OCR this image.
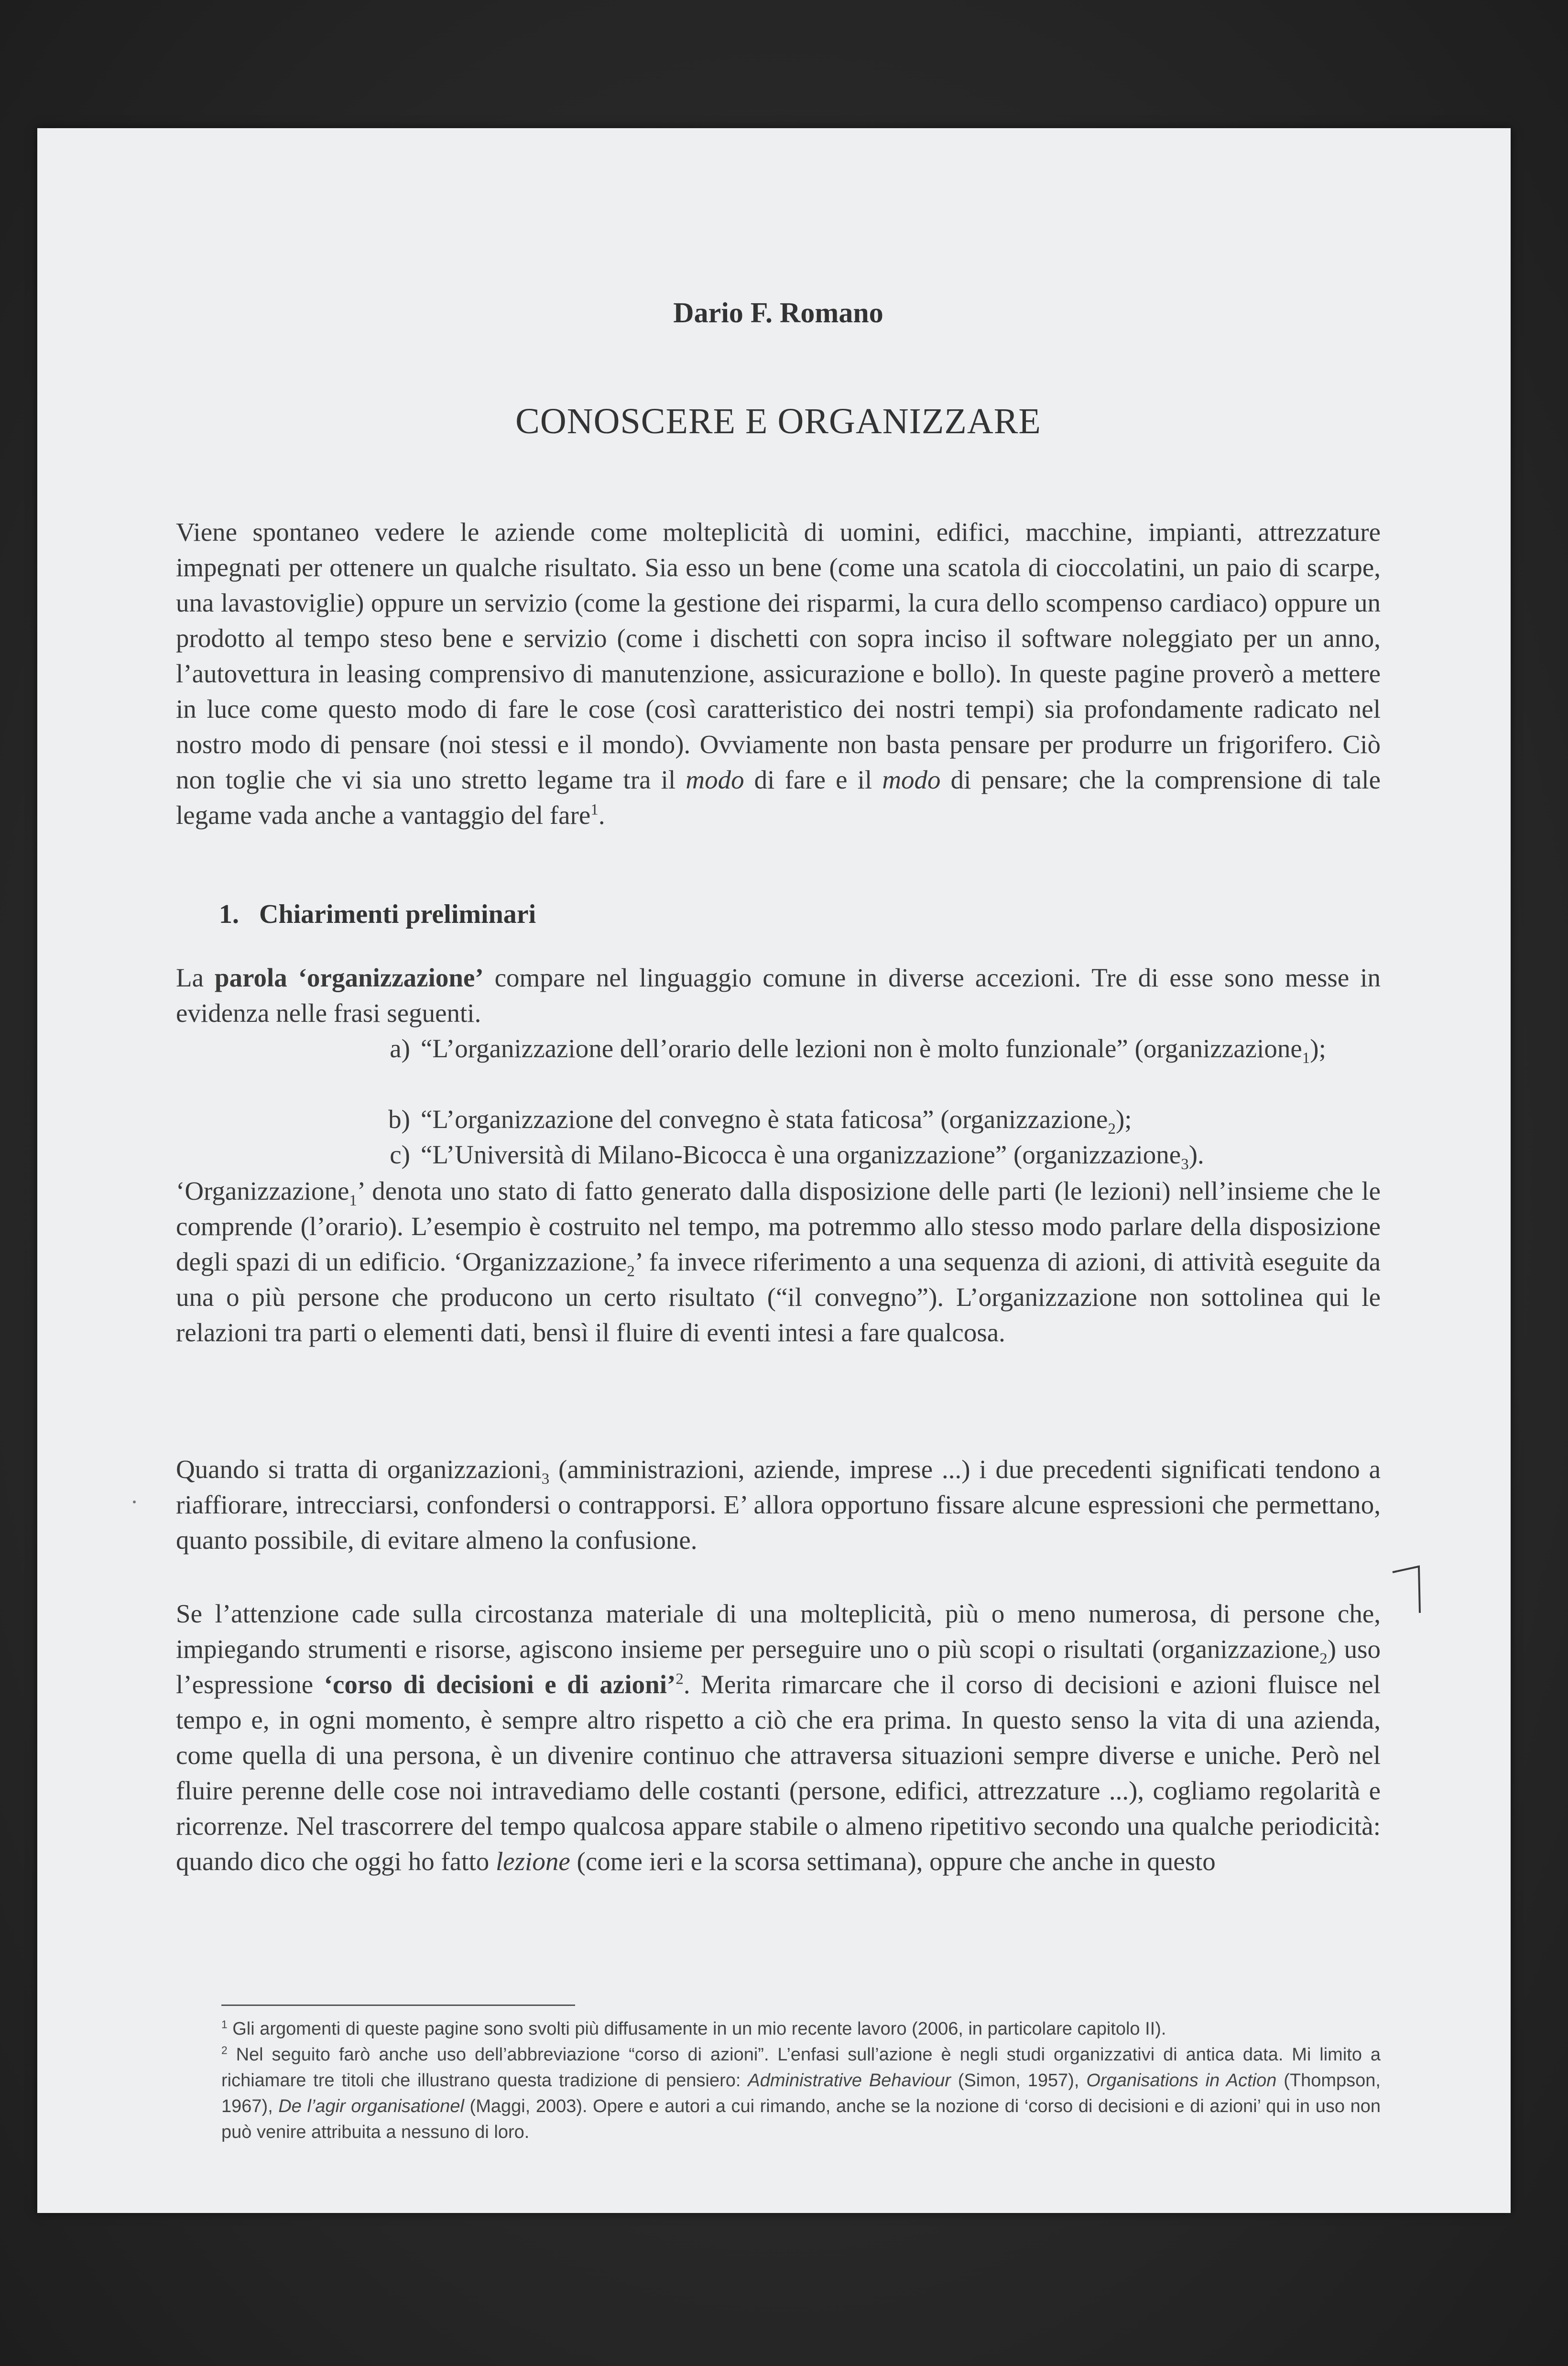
Dario F. Romano
CONOSCERE E ORGANIZZARE
Viene spontaneo vedere le aziende come molteplicità di uomini, edifici, macchine, impianti, attrezzature impegnati per ottenere un qualche risultato. Sia esso un bene (come una scatola di cioccolatini, un paio di scarpe, una lavastoviglie) oppure un servizio (come la gestione dei risparmi, la cura dello scompenso cardiaco) oppure un prodotto al tempo steso bene e servizio (come i dischetti con sopra inciso il software noleggiato per un anno, l’autovettura in leasing comprensivo di manutenzione, assicurazione e bollo). In queste pagine proverò a mettere in luce come questo modo di fare le cose (così caratteristico dei nostri tempi) sia profondamente radicato nel nostro modo di pensare (noi stessi e il mondo). Ovviamente non basta pensare per produrre un frigorifero. Ciò non toglie che vi sia uno stretto legame tra il modo di fare e il modo di pensare; che la comprensione di tale legame vada anche a vantaggio del fare$^1$.
1. Chiarimenti preliminari
La parola ‘organizzazione’ compare nel linguaggio comune in diverse accezioni. Tre di esse sono messe in evidenza nelle frasi seguenti.
a) “L’organizzazione dell’orario delle lezioni non è molto funzionale” (organizzazione$_1$);
b) “L’organizzazione del convegno è stata faticosa” (organizzazione$_2$);
c) “L’Università di Milano-Bicocca è una organizzazione” (organizzazione$_3$).
‘Organizzazione$_1$’ denota uno stato di fatto generato dalla disposizione delle parti (le lezioni) nell’insieme che le comprende (l’orario). L’esempio è costruito nel tempo, ma potremmo allo stesso modo parlare della disposizione degli spazi di un edificio. ‘Organizzazione$_2$’ fa invece riferimento a una sequenza di azioni, di attività eseguite da una o più persone che producono un certo risultato (“il convegno”). L’organizzazione non sottolinea qui le relazioni tra parti o elementi dati, bensì il fluire di eventi intesi a fare qualcosa.
Quando si tratta di organizzazioni$_3$ (amministrazioni, aziende, imprese ...) i due precedenti significati tendono a riaffiorare, intrecciarsi, confondersi o contrapporsi. E’ allora opportuno fissare alcune espressioni che permettano, quanto possibile, di evitare almeno la confusione.
Se l’attenzione cade sulla circostanza materiale di una molteplicità, più o meno numerosa, di persone che, impiegando strumenti e risorse, agiscono insieme per perseguire uno o più scopi o risultati (organizzazione$_2$) uso l’espressione ‘corso di decisioni e di azioni’$^2$. Merita rimarcare che il corso di decisioni e azioni fluisce nel tempo e, in ogni momento, è sempre altro rispetto a ciò che era prima. In questo senso la vita di una azienda, come quella di una persona, è un divenire continuo che attraversa situazioni sempre diverse e uniche. Però nel fluire perenne delle cose noi intravediamo delle costanti (persone, edifici, attrezzature ...), cogliamo regolarità e ricorrenze. Nel trascorrere del tempo qualcosa appare stabile o almeno ripetitivo secondo una qualche periodicità: quando dico che oggi ho fatto lezione (come ieri e la scorsa settimana), oppure che anche in questo
$^1$ Gli argomenti di queste pagine sono svolti più diffusamente in un mio recente lavoro (2006, in particolare capitolo II).
$^2$ Nel seguito farò anche uso dell’abbreviazione “corso di azioni”. L’enfasi sull’azione è negli studi organizzativi di antica data. Mi limito a richiamare tre titoli che illustrano questa tradizione di pensiero: Administrative Behaviour (Simon, 1957), Organisations in Action (Thompson, 1967), De l’agir organisationel (Maggi, 2003). Opere e autori a cui rimando, anche se la nozione di ‘corso di decisioni e di azioni’ qui in uso non può venire attribuita a nessuno di loro.
